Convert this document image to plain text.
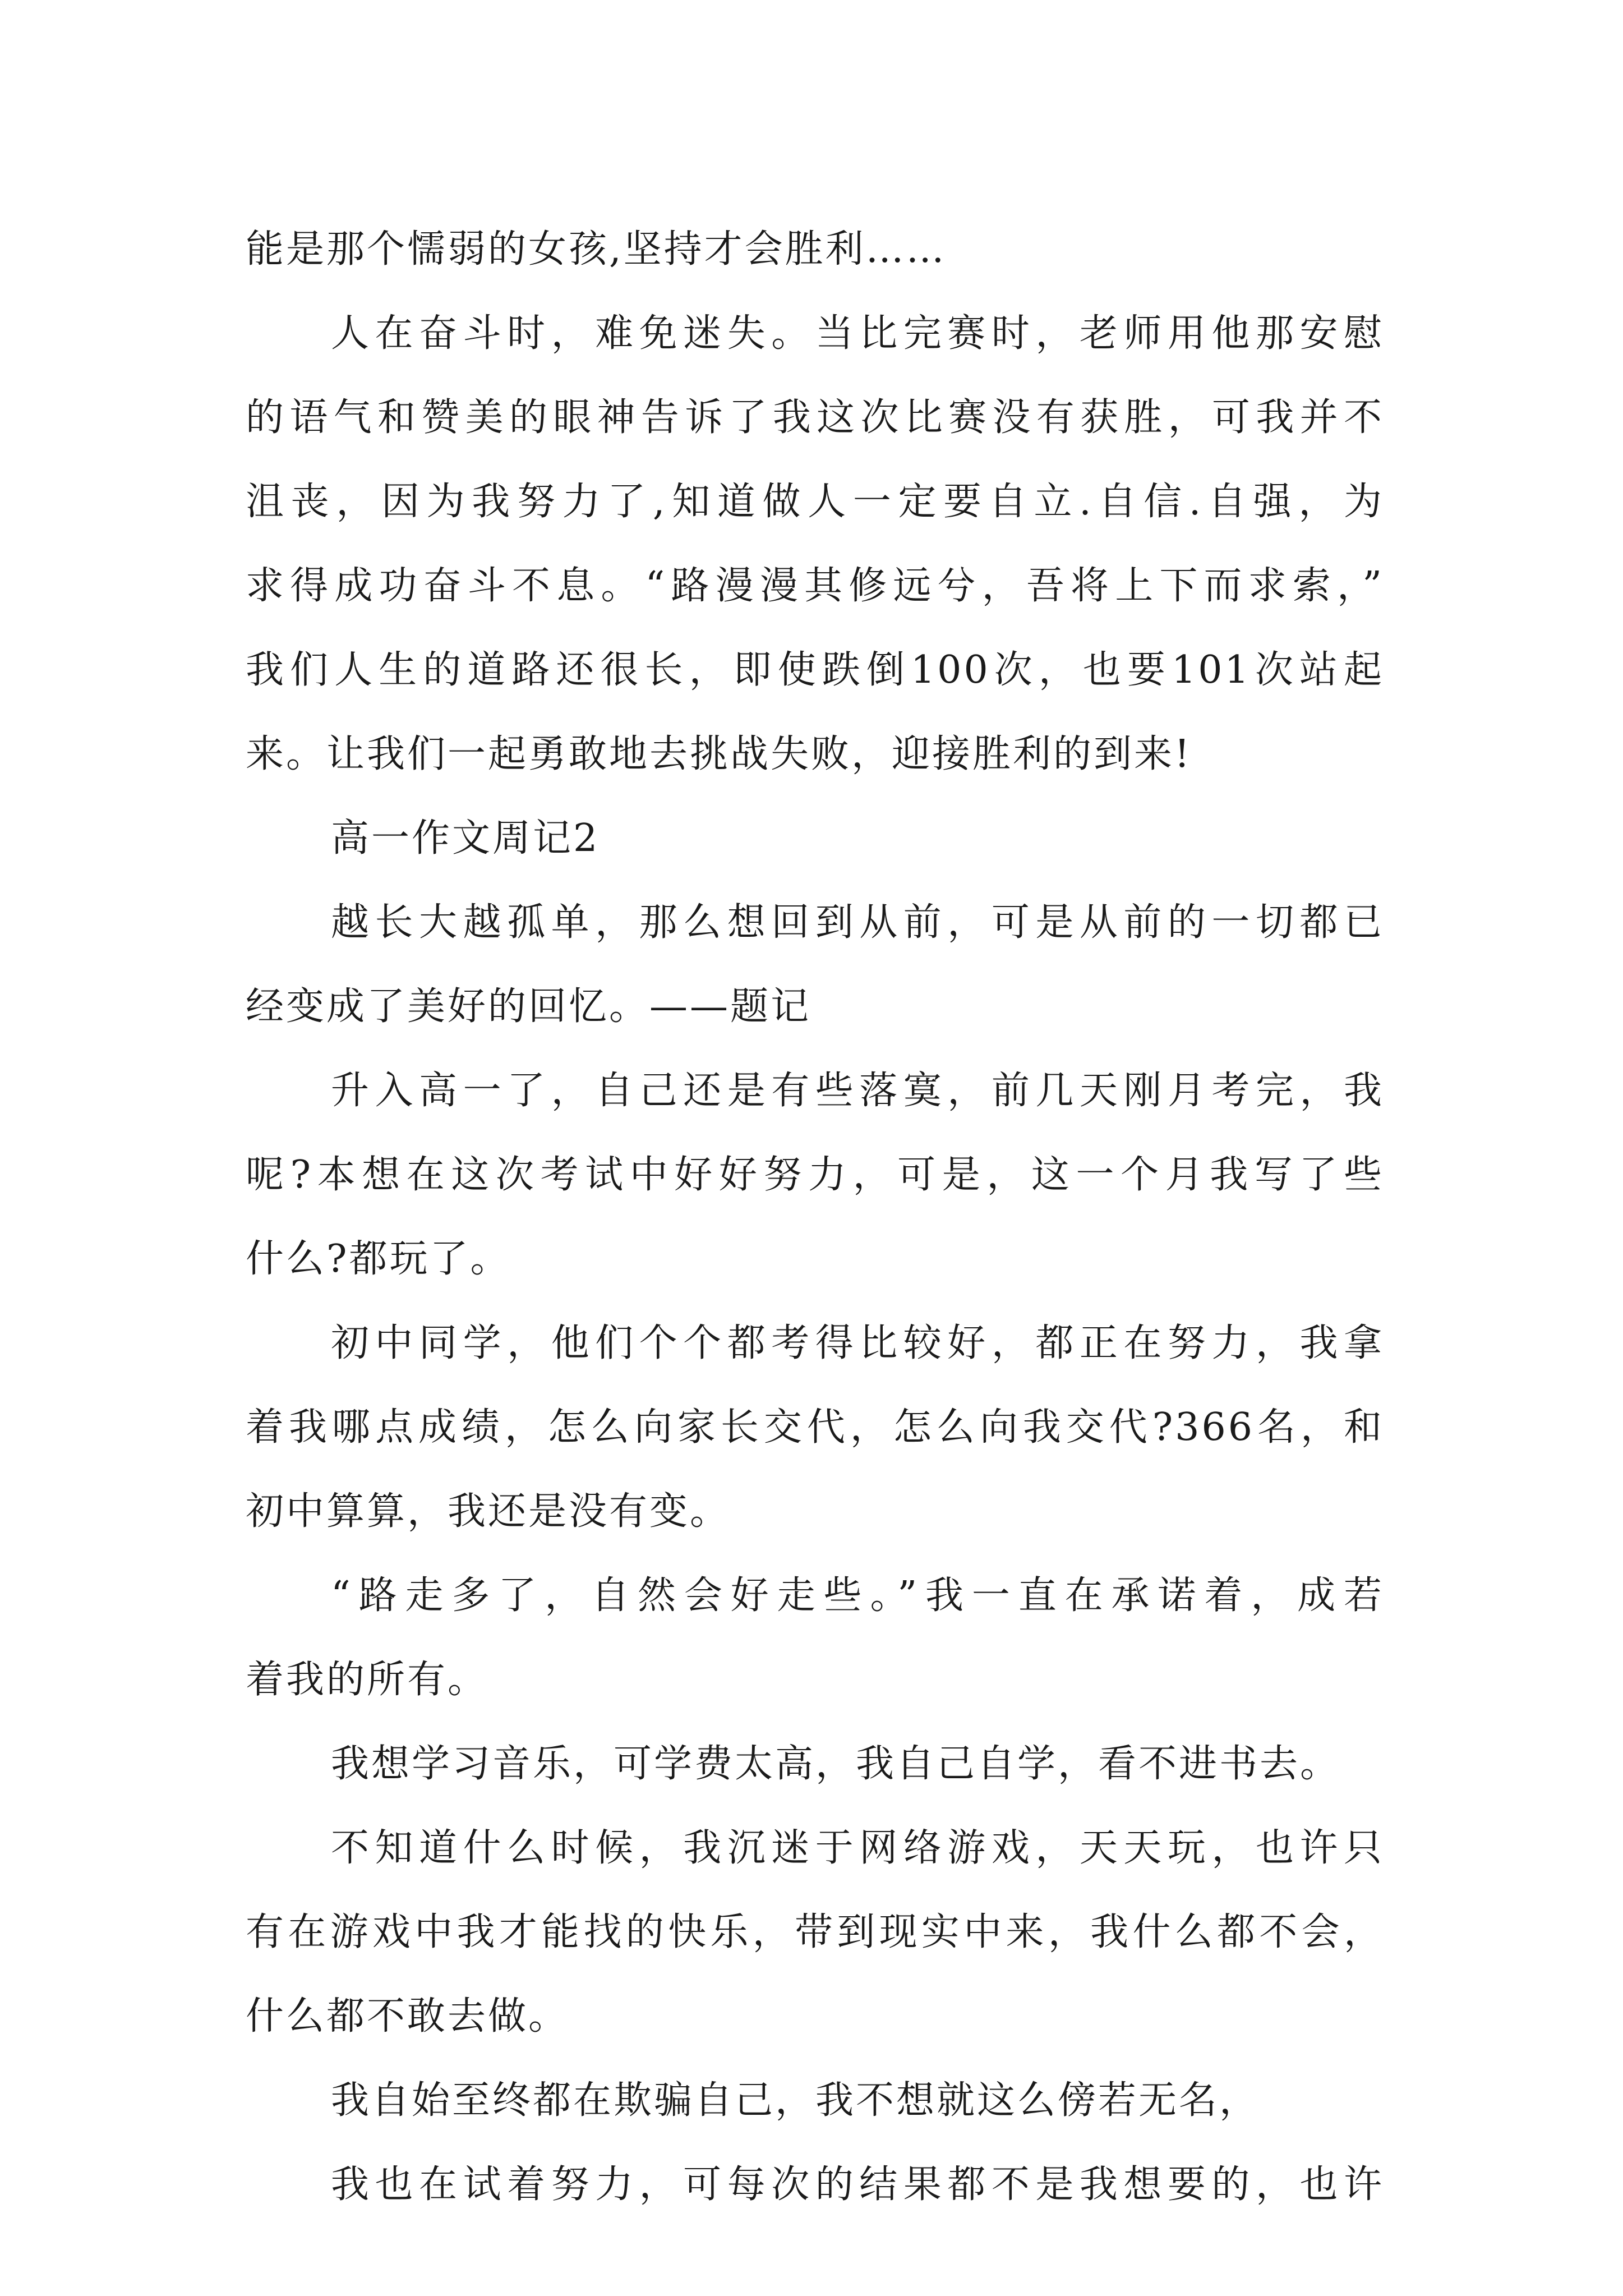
能是那个懦弱的女孩,坚持才会胜利……
人在奋斗时，难免迷失。当比完赛时，老师用他那安慰
的语气和赞美的眼神告诉了我这次比赛没有获胜，可我并不
沮丧，因为我努力了,知道做人一定要自立.自信.自强，为
求得成功奋斗不息。“路漫漫其修远兮，吾将上下而求索，”
我们人生的道路还很长，即使跌倒100次，也要101次站起
来。让我们一起勇敢地去挑战失败，迎接胜利的到来!
高一作文周记2
越长大越孤单，那么想回到从前，可是从前的一切都已
经变成了美好的回忆。——题记
升入高一了，自己还是有些落寞，前几天刚月考完，我
呢?本想在这次考试中好好努力，可是，这一个月我写了些
什么?都玩了。
初中同学，他们个个都考得比较好，都正在努力，我拿
着我哪点成绩，怎么向家长交代，怎么向我交代?366名，和
初中算算，我还是没有变。
“路走多了，自然会好走些。”我一直在承诺着，成若
着我的所有。
我想学习音乐，可学费太高，我自己自学，看不进书去。
不知道什么时候，我沉迷于网络游戏，天天玩，也许只
有在游戏中我才能找的快乐，带到现实中来，我什么都不会，
什么都不敢去做。
我自始至终都在欺骗自己，我不想就这么傍若无名，
我也在试着努力，可每次的结果都不是我想要的，也许
